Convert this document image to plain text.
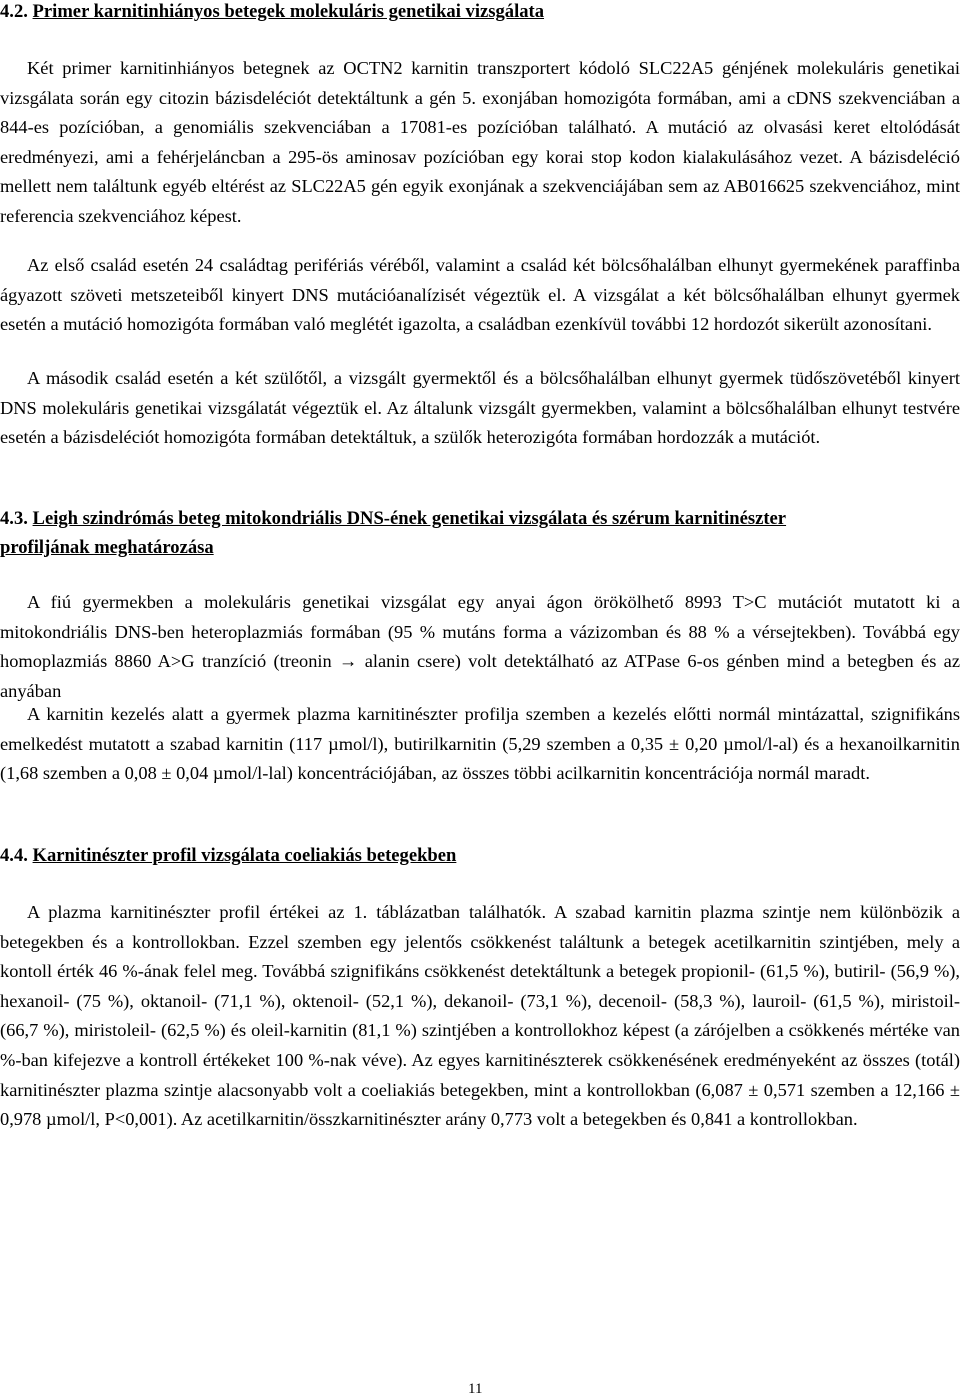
4.2. Primer karnitinhiányos betegek molekuláris genetikai vizsgálata

Két primer karnitinhiányos betegnek az OCTN2 karnitin transzportert kódoló SLC22A5 génjének molekuláris genetikai vizsgálata során egy citozin bázisdeléciót detektáltunk a gén 5. exonjában homozigóta formában, ami a cDNS szekvenciában a 844-es pozícióban, a genomiális szekvenciában a 17081-es pozícióban található. A mutáció az olvasási keret eltolódását eredményezi, ami a fehérjeláncban a 295-ös aminosav pozícióban egy korai stop kodon kialakulásához vezet. A bázisdeléció mellett nem találtunk egyéb eltérést az SLC22A5 gén egyik exonjának a szekvenciájában sem az AB016625 szekvenciához, mint referencia szekvenciához képest.

Az első család esetén 24 családtag perifériás véréből, valamint a család két bölcsőhalálban elhunyt gyermekének paraffinba ágyazott szöveti metszeteiből kinyert DNS mutációanalízisét végeztük el. A vizsgálat a két bölcsőhalálban elhunyt gyermek esetén a mutáció homozigóta formában való meglétét igazolta, a családban ezenkívül további 12 hordozót sikerült azonosítani.

A második család esetén a két szülőtől, a vizsgált gyermektől és a bölcsőhalálban elhunyt gyermek tüdőszövetéből kinyert DNS molekuláris genetikai vizsgálatát végeztük el. Az általunk vizsgált gyermekben, valamint a bölcsőhalálban elhunyt testvére esetén a bázisdeléciót homozigóta formában detektáltuk, a szülők heterozigóta formában hordozzák a mutációt.

4.3. Leigh szindrómás beteg mitokondriális DNS-ének genetikai vizsgálata és szérum karnitinészter
profiljának meghatározása

A fiú gyermekben a molekuláris genetikai vizsgálat egy anyai ágon örökölhető 8993 T>C mutációt mutatott ki a mitokondriális DNS-ben heteroplazmiás formában (95 % mutáns forma a vázizomban és 88 % a vérsejtekben). Továbbá egy homoplazmiás 8860 A>G tranzíció (treonin → alanin csere) volt detektálható az ATPase 6-os génben mind a betegben és az anyában

A karnitin kezelés alatt a gyermek plazma karnitinészter profilja szemben a kezelés előtti normál mintázattal, szignifikáns emelkedést mutatott a szabad karnitin (117 µmol/l), butirilkarnitin (5,29 szemben a 0,35 ± 0,20 µmol/l-al) és a hexanoilkarnitin (1,68 szemben a 0,08 ± 0,04 µmol/l-lal) koncentrációjában, az összes többi acilkarnitin koncentrációja normál maradt.

4.4. Karnitinészter profil vizsgálata coeliakiás betegekben

A plazma karnitinészter profil értékei az 1. táblázatban találhatók. A szabad karnitin plazma szintje nem különbözik a betegekben és a kontrollokban. Ezzel szemben egy jelentős csökkenést találtunk a betegek acetilkarnitin szintjében, mely a kontoll érték 46 %-ának felel meg. Továbbá szignifikáns csökkenést detektáltunk a betegek propionil- (61,5 %), butiril- (56,9 %), hexanoil- (75 %), oktanoil- (71,1 %), oktenoil- (52,1 %), dekanoil- (73,1 %), decenoil- (58,3 %), lauroil- (61,5 %), miristoil- (66,7 %), miristoleil- (62,5 %) és oleil-karnitin (81,1 %) szintjében a kontrollokhoz képest (a zárójelben a csökkenés mértéke van %-ban kifejezve a kontroll értékeket 100 %-nak véve). Az egyes karnitinészterek csökkenésének eredményeként az összes (totál) karnitinészter plazma szintje alacsonyabb volt a coeliakiás betegekben, mint a kontrollokban (6,087 ± 0,571 szemben a 12,166 ± 0,978 µmol/l, P<0,001). Az acetilkarnitin/összkarnitinészter arány 0,773 volt a betegekben és 0,841 a kontrollokban.

11
